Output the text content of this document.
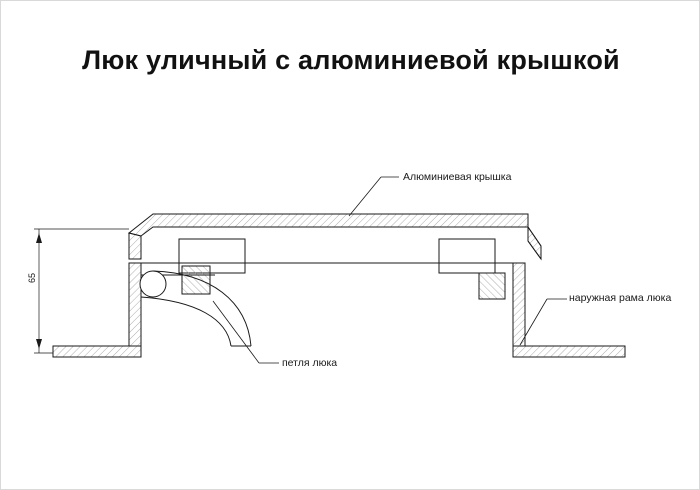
Люк уличный с алюминиевой крышкой
Алюминиевая крышка
наружная рама люка
петля люка
65
